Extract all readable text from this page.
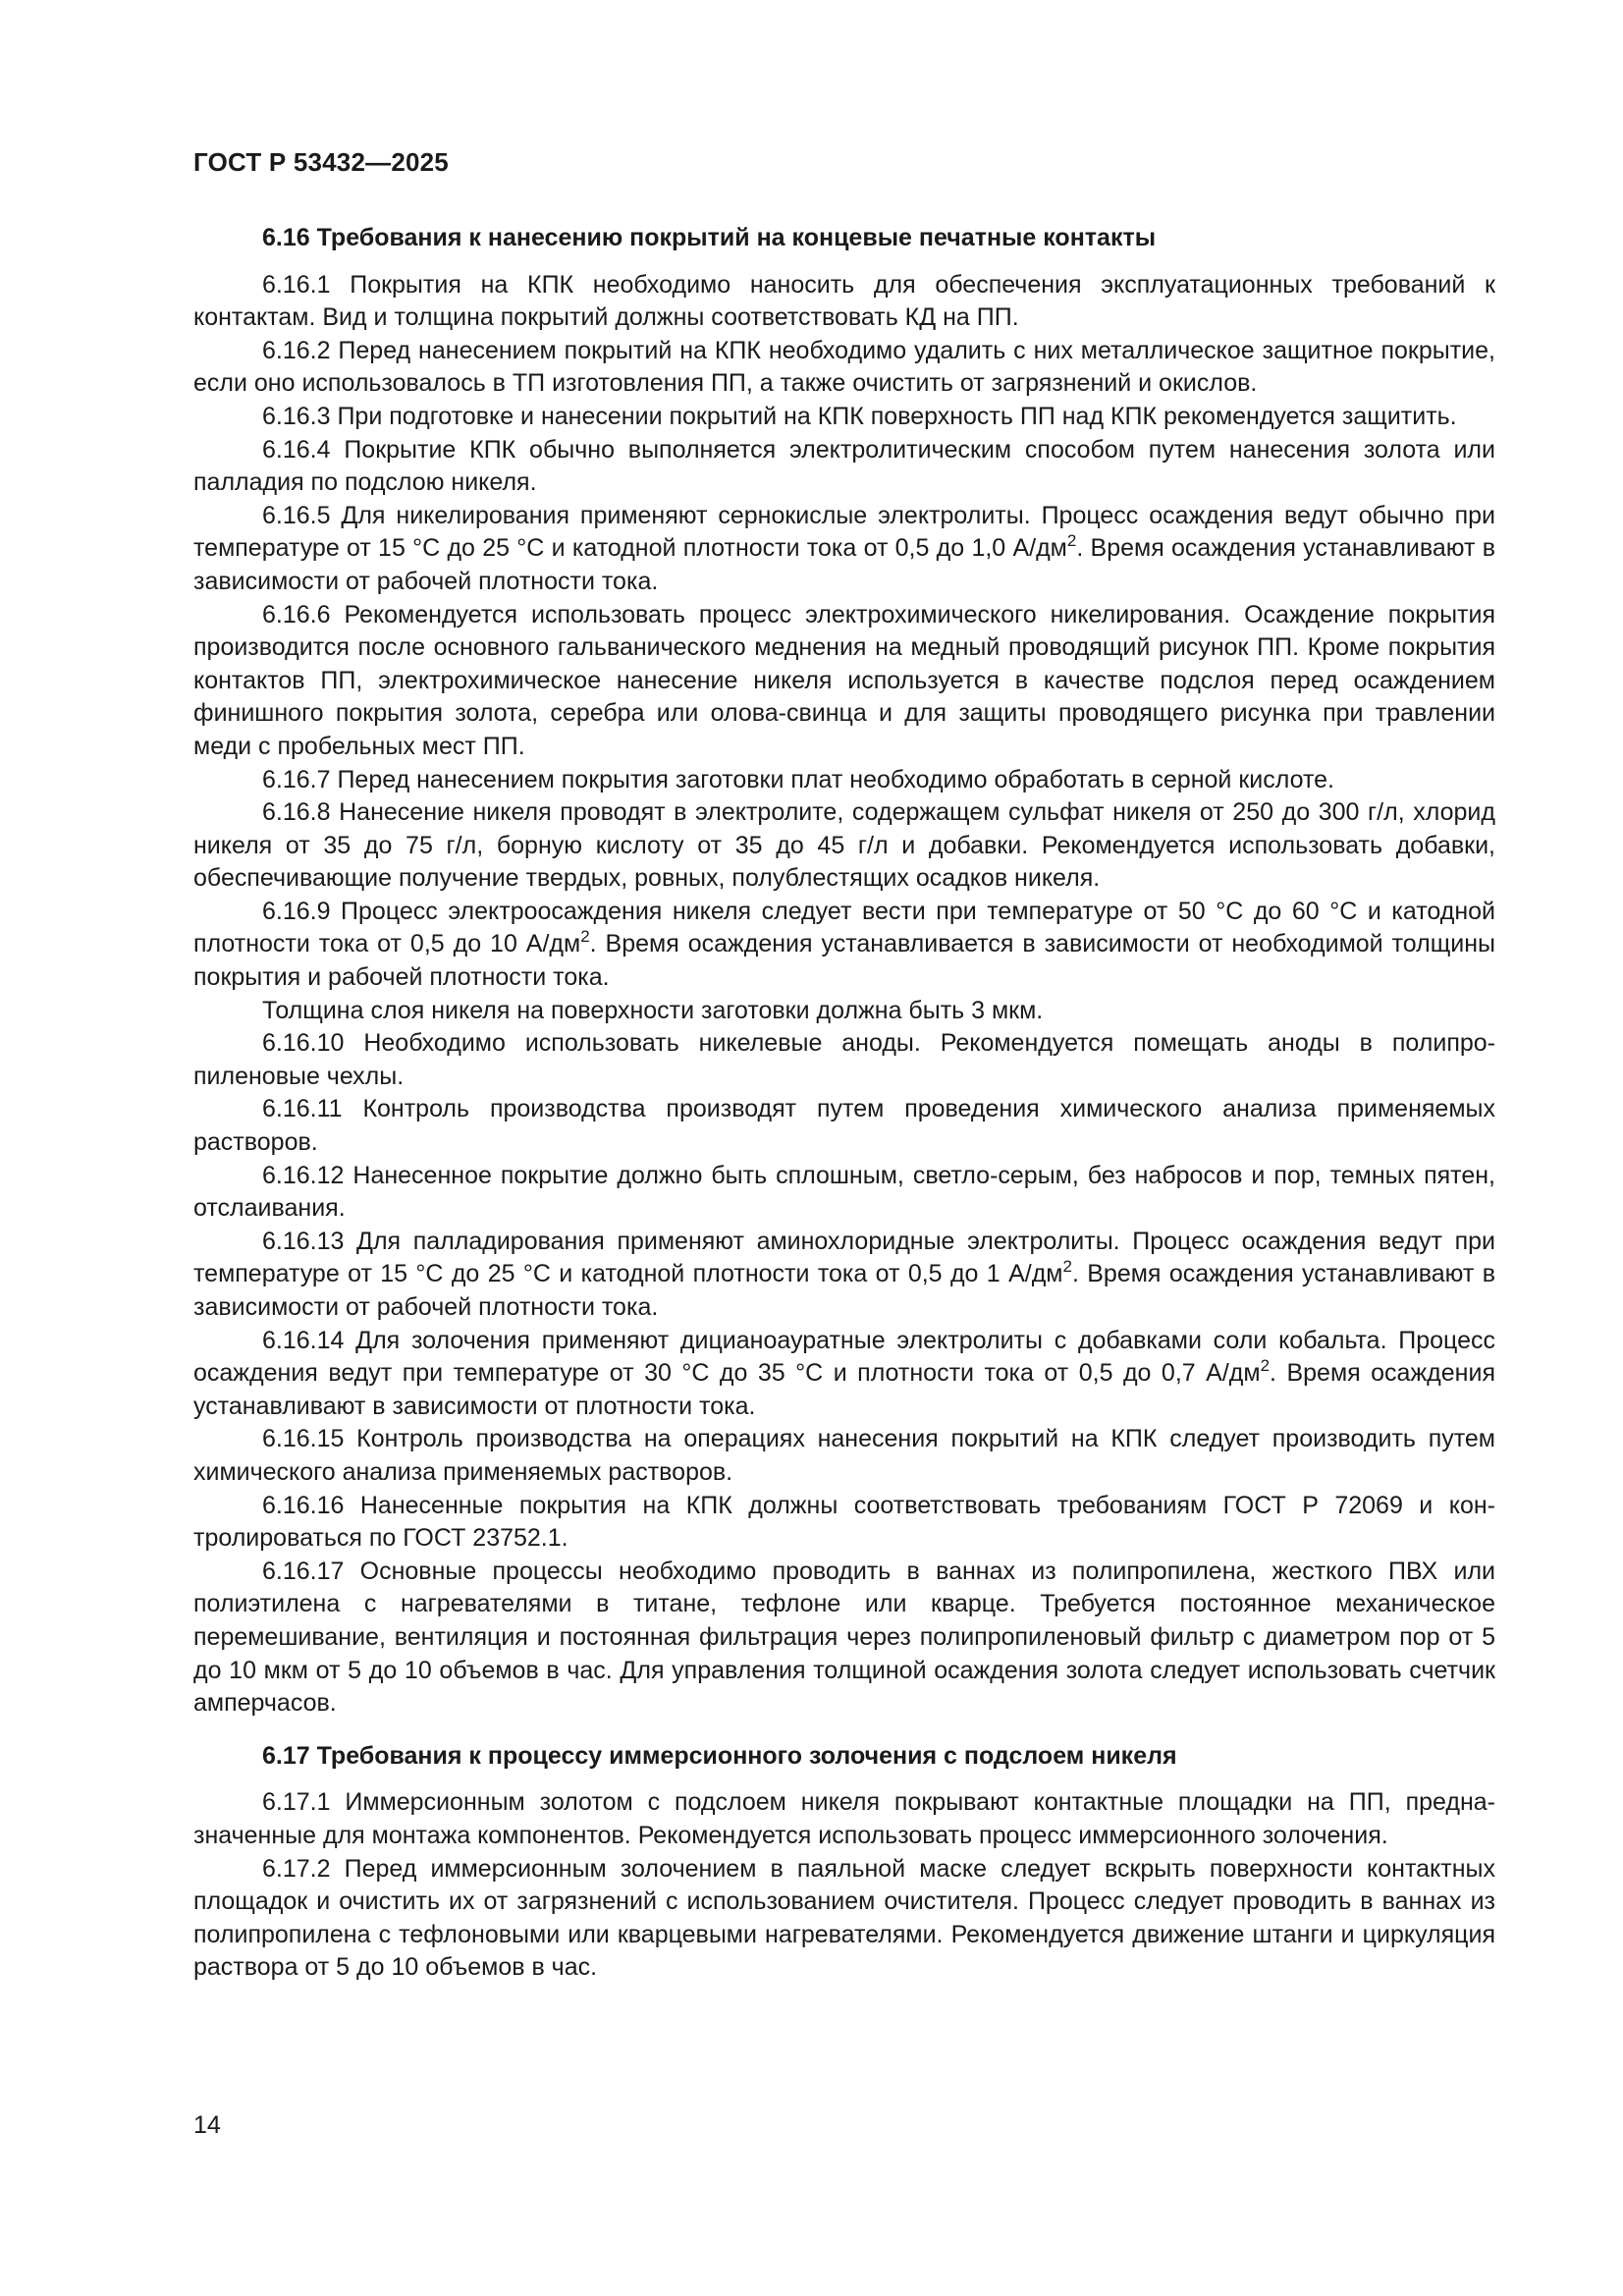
ГОСТ Р 53432—2025
6.16 Требования к нанесению покрытий на концевые печатные контакты

6.16.1 Покрытия на КПК необходимо наносить для обеспечения эксплуатационных требований к контактам. Вид и толщина покрытий должны соответствовать КД на ПП.

6.16.2 Перед нанесением покрытий на КПК необходимо удалить с них металлическое защитное покрытие, если оно использовалось в ТП изготовления ПП, а также очистить от загрязнений и окислов.

6.16.3 При подготовке и нанесении покрытий на КПК поверхность ПП над КПК рекомендуется защитить.

6.16.4 Покрытие КПК обычно выполняется электролитическим способом путем нанесения золота или палладия по подслою никеля.

6.16.5 Для никелирования применяют сернокислые электролиты. Процесс осаждения ведут обычно при температуре от 15 °С до 25 °С и катодной плотности тока от 0,5 до 1,0 $А/дм^2$. Время осаждения устанавливают в зависимости от рабочей плотности тока.

6.16.6 Рекомендуется использовать процесс электрохимического никелирования. Осаждение покрытия производится после основного гальванического меднения на медный проводящий рисунок ПП. Кроме покрытия контактов ПП, электрохимическое нанесение никеля используется в качестве подслоя перед осаждением финишного покрытия золота, серебра или олова-свинца и для защиты проводящего рисунка при травлении меди с пробельных мест ПП.

6.16.7 Перед нанесением покрытия заготовки плат необходимо обработать в серной кислоте.

6.16.8 Нанесение никеля проводят в электролите, содержащем сульфат никеля от 250 до 300 г/л, хлорид никеля от 35 до 75 г/л, борную кислоту от 35 до 45 г/л и добавки. Рекомендуется использовать добавки, обеспечивающие получение твердых, ровных, полублестящих осадков никеля.

6.16.9 Процесс электроосаждения никеля следует вести при температуре от 50 °С до 60 °С и катодной плотности тока от 0,5 до 10 $А/дм^2$. Время осаждения устанавливается в зависимости от необходимой толщины покрытия и рабочей плотности тока.

Толщина слоя никеля на поверхности заготовки должна быть 3 мкм.

6.16.10 Необходимо использовать никелевые аноды. Рекомендуется помещать аноды в полипропиленовые чехлы.

6.16.11 Контроль производства производят путем проведения химического анализа применяемых растворов.

6.16.12 Нанесенное покрытие должно быть сплошным, светло-серым, без набросов и пор, темных пятен, отслаивания.

6.16.13 Для палладирования применяют аминохлоридные электролиты. Процесс осаждения ведут при температуре от 15 °С до 25 °С и катодной плотности тока от 0,5 до 1 $А/дм^2$. Время осаждения устанавливают в зависимости от рабочей плотности тока.

6.16.14 Для золочения применяют дицианоауратные электролиты с добавками соли кобальта. Процесс осаждения ведут при температуре от 30 °С до 35 °С и плотности тока от 0,5 до 0,7 $А/дм^2$. Время осаждения устанавливают в зависимости от плотности тока.

6.16.15 Контроль производства на операциях нанесения покрытий на КПК следует производить путем химического анализа применяемых растворов.

6.16.16 Нанесенные покрытия на КПК должны соответствовать требованиям ГОСТ Р 72069 и контролироваться по ГОСТ 23752.1.

6.16.17 Основные процессы необходимо проводить в ваннах из полипропилена, жесткого ПВХ или полиэтилена с нагревателями в титане, тефлоне или кварце. Требуется постоянное механическое перемешивание, вентиляция и постоянная фильтрация через полипропиленовый фильтр с диаметром пор от 5 до 10 мкм от 5 до 10 объемов в час. Для управления толщиной осаждения золота следует использовать счетчик амперчасов.

6.17 Требования к процессу иммерсионного золочения с подслоем никеля

6.17.1 Иммерсионным золотом с подслоем никеля покрывают контактные площадки на ПП, предназначенные для монтажа компонентов. Рекомендуется использовать процесс иммерсионного золочения.

6.17.2 Перед иммерсионным золочением в паяльной маске следует вскрыть поверхности контактных площадок и очистить их от загрязнений с использованием очистителя. Процесс следует проводить в ваннах из полипропилена с тефлоновыми или кварцевыми нагревателями. Рекомендуется движение штанги и циркуляция раствора от 5 до 10 объемов в час.

14
